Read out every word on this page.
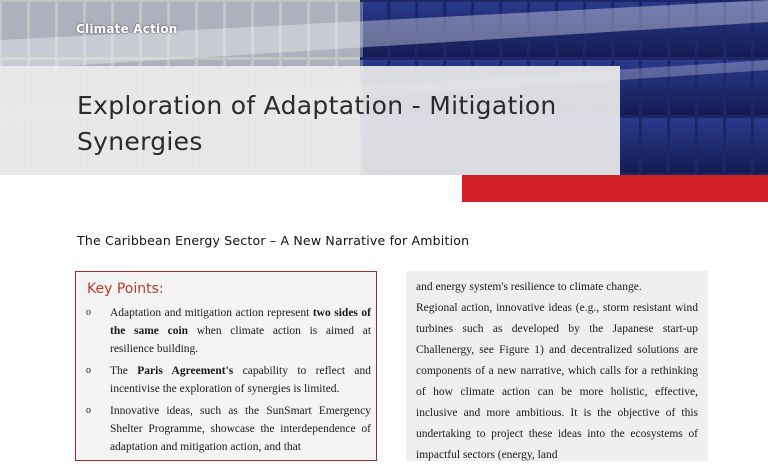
Climate Action
Exploration of Adaptation - Mitigation Synergies
The Caribbean Energy Sector – A New Narrative for Ambition
Key Points:
o Adaptation and mitigation action represent two sides of the same coin when climate action is aimed at resilience building.
o The Paris Agreement's capability to reflect and incentivise the exploration of synergies is limited.
o Innovative ideas, such as the SunSmart Emergency Shelter Programme, showcase the interdependence of adaptation and mitigation action, and that

and energy system's resilience to climate change.

Regional action, innovative ideas (e.g., storm resistant wind turbines such as developed by the Japanese start-up Challenergy, see Figure 1) and decentralized solutions are components of a new narrative, which calls for a rethinking of how climate action can be more holistic, effective, inclusive and more ambitious. It is the objective of this undertaking to project these ideas into the ecosystems of impactful sectors (energy, land
